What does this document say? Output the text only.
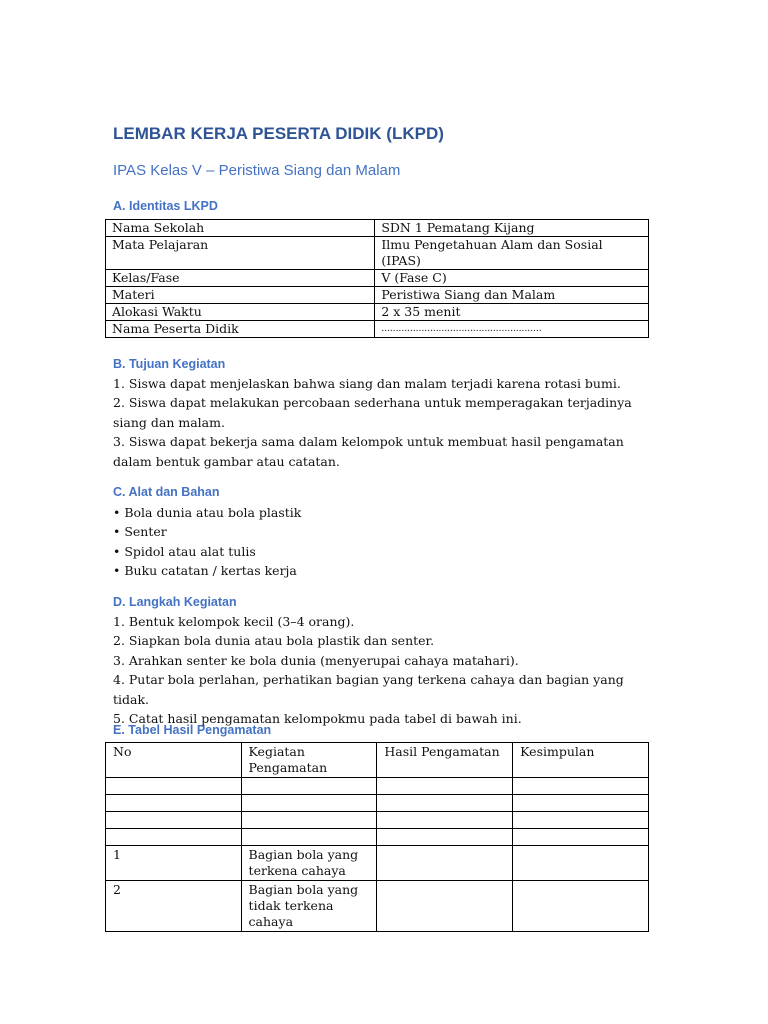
LEMBAR KERJA PESERTA DIDIK (LKPD)
IPAS Kelas V – Peristiwa Siang dan Malam
A. Identitas LKPD
Nama Sekolah	SDN 1 Pematang Kijang
Mata Pelajaran	Ilmu Pengetahuan Alam dan Sosial (IPAS)
Kelas/Fase	V (Fase C)
Materi	Peristiwa Siang dan Malam
Alokasi Waktu	2 x 35 menit
Nama Peserta Didik	........................................................
B. Tujuan Kegiatan
1. Siswa dapat menjelaskan bahwa siang dan malam terjadi karena rotasi bumi.
2. Siswa dapat melakukan percobaan sederhana untuk memperagakan terjadinya siang dan malam.
3. Siswa dapat bekerja sama dalam kelompok untuk membuat hasil pengamatan dalam bentuk gambar atau catatan.
C. Alat dan Bahan
• Bola dunia atau bola plastik
• Senter
• Spidol atau alat tulis
• Buku catatan / kertas kerja
D. Langkah Kegiatan
1. Bentuk kelompok kecil (3–4 orang).
2. Siapkan bola dunia atau bola plastik dan senter.
3. Arahkan senter ke bola dunia (menyerupai cahaya matahari).
4. Putar bola perlahan, perhatikan bagian yang terkena cahaya dan bagian yang tidak.
5. Catat hasil pengamatan kelompokmu pada tabel di bawah ini.
E. Tabel Hasil Pengamatan
No	Kegiatan Pengamatan	Hasil Pengamatan	Kesimpulan

1	Bagian bola yang terkena cahaya		
2	Bagian bola yang tidak terkena cahaya		
